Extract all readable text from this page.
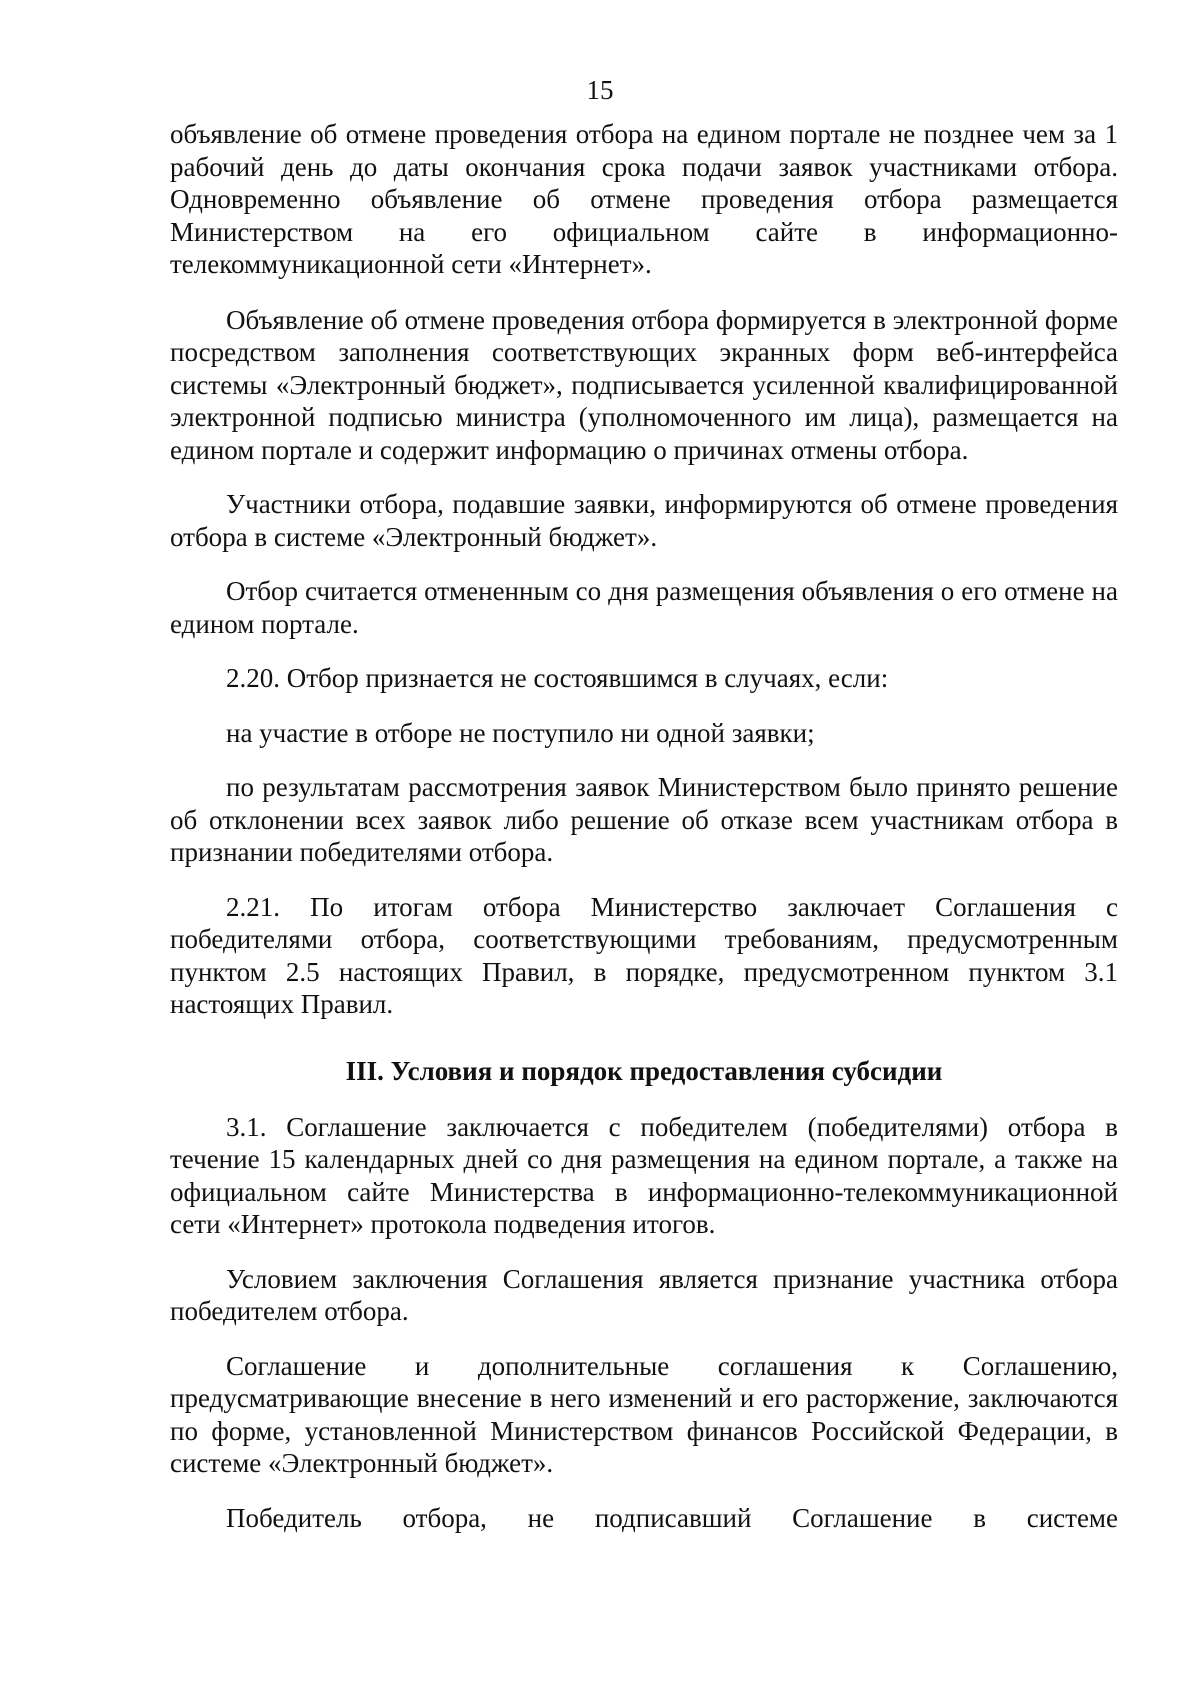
15

объявление об отмене проведения отбора на едином портале не позднее чем за 1 рабочий день до даты окончания срока подачи заявок участниками отбора. Одновременно объявление об отмене проведения отбора размещается Министерством на его официальном сайте в информационно-телекоммуникационной сети «Интернет».

Объявление об отмене проведения отбора формируется в электронной форме посредством заполнения соответствующих экранных форм веб-интерфейса системы «Электронный бюджет», подписывается усиленной квалифицированной электронной подписью министра (уполномоченного им лица), размещается на едином портале и содержит информацию о причинах отмены отбора.

Участники отбора, подавшие заявки, информируются об отмене проведения отбора в системе «Электронный бюджет».

Отбор считается отмененным со дня размещения объявления о его отмене на едином портале.

2.20. Отбор признается не состоявшимся в случаях, если:

на участие в отборе не поступило ни одной заявки;

по результатам рассмотрения заявок Министерством было принято решение об отклонении всех заявок либо решение об отказе всем участникам отбора в признании победителями отбора.

2.21. По итогам отбора Министерство заключает Соглашения с победителями отбора, соответствующими требованиям, предусмотренным пунктом 2.5 настоящих Правил, в порядке, предусмотренном пунктом 3.1 настоящих Правил.

III. Условия и порядок предоставления субсидии

3.1. Соглашение заключается с победителем (победителями) отбора в течение 15 календарных дней со дня размещения на едином портале, а также на официальном сайте Министерства в информационно-телекоммуникационной сети «Интернет» протокола подведения итогов.

Условием заключения Соглашения является признание участника отбора победителем отбора.

Соглашение и дополнительные соглашения к Соглашению, предусматривающие внесение в него изменений и его расторжение, заключаются по форме, установленной Министерством финансов Российской Федерации, в системе «Электронный бюджет».

Победитель отбора, не подписавший Соглашение в системе
